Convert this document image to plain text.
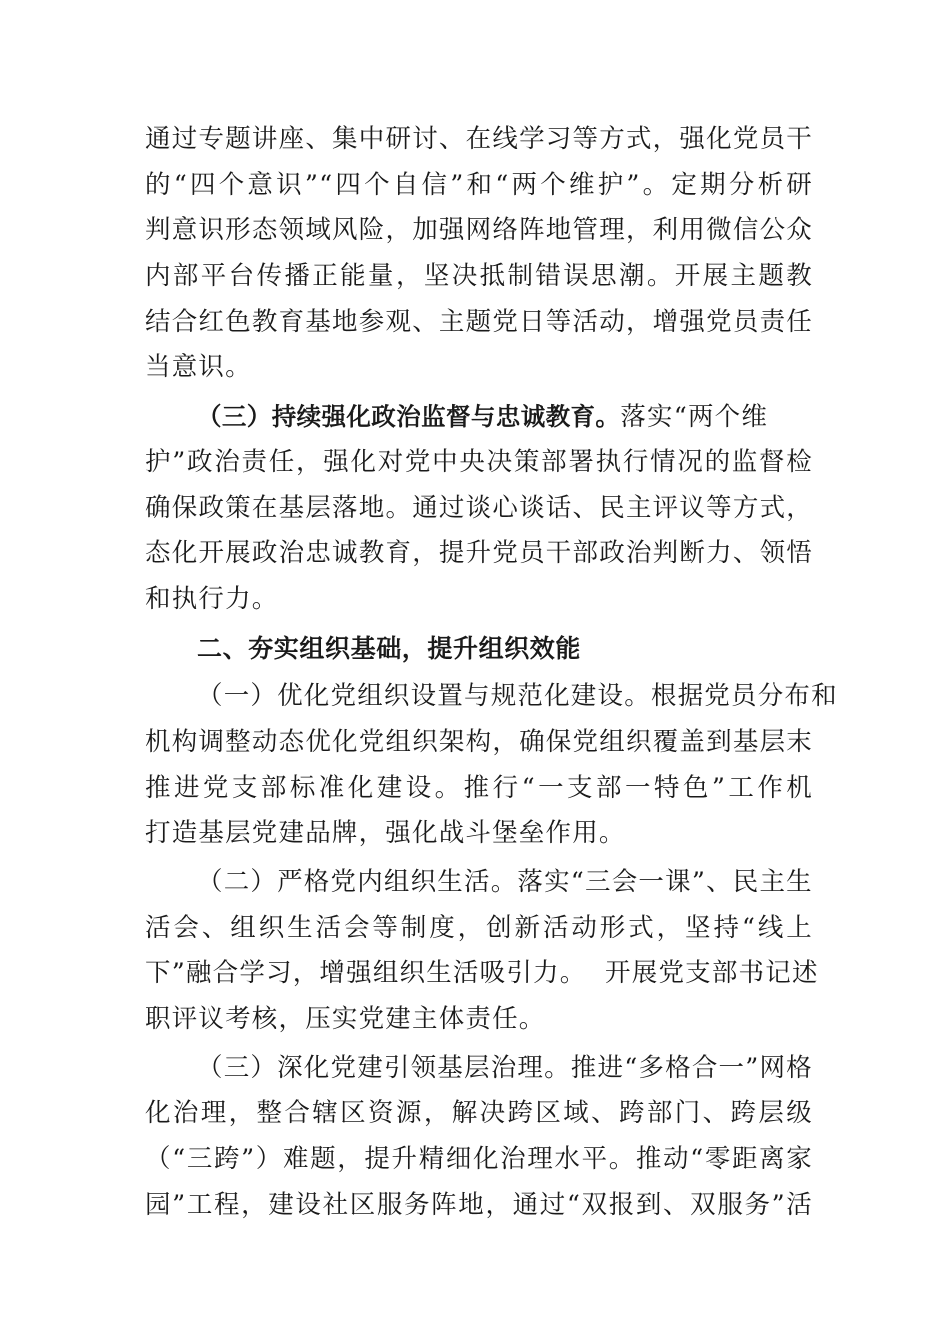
通过专题讲座、集中研讨、在线学习等方式，强化党员干
的“四个意识”“四个自信”和“两个维护”。定期分析研
判意识形态领域风险，加强网络阵地管理，利用微信公众
内部平台传播正能量，坚决抵制错误思潮。开展主题教
结合红色教育基地参观、主题党日等活动，增强党员责任
当意识。
（三）持续强化政治监督与忠诚教育。落实“两个维
护”政治责任，强化对党中央决策部署执行情况的监督检
确保政策在基层落地。通过谈心谈话、民主评议等方式，
态化开展政治忠诚教育，提升党员干部政治判断力、领悟
和执行力。
二、夯实组织基础，提升组织效能
（一）优化党组织设置与规范化建设。根据党员分布和
机构调整动态优化党组织架构，确保党组织覆盖到基层末
推进党支部标准化建设。推行“一支部一特色”工作机
打造基层党建品牌，强化战斗堡垒作用。
（二）严格党内组织生活。落实“三会一课”、民主生
活会、组织生活会等制度，创新活动形式，坚持“线上
下”融合学习，增强组织生活吸引力。  开展党支部书记述
职评议考核，压实党建主体责任。
（三）深化党建引领基层治理。推进“多格合一”网格
化治理，整合辖区资源，解决跨区域、跨部门、跨层级
（“三跨”）难题，提升精细化治理水平。推动“零距离家
园”工程，建设社区服务阵地，通过“双报到、双服务”活
